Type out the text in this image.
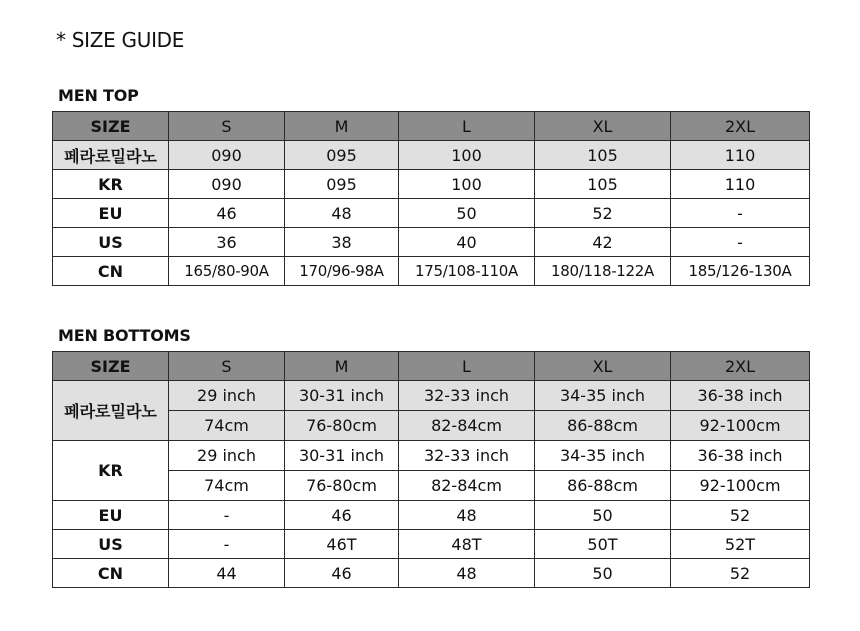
* SIZE GUIDE
MEN TOP
SIZE	S	M	L	XL	2XL
페라로밀라노	090	095	100	105	110
KR	090	095	100	105	110
EU	46	48	50	52	-
US	36	38	40	42	-
CN	165/80-90A	170/96-98A	175/108-110A	180/118-122A	185/126-130A
MEN BOTTOMS
SIZE	S	M	L	XL	2XL
페라로밀라노	29 inch	30-31 inch	32-33 inch	34-35 inch	36-38 inch
	74cm	76-80cm	82-84cm	86-88cm	92-100cm
KR	29 inch	30-31 inch	32-33 inch	34-35 inch	36-38 inch
	74cm	76-80cm	82-84cm	86-88cm	92-100cm
EU	-	46	48	50	52
US	-	46T	48T	50T	52T
CN	44	46	48	50	52
